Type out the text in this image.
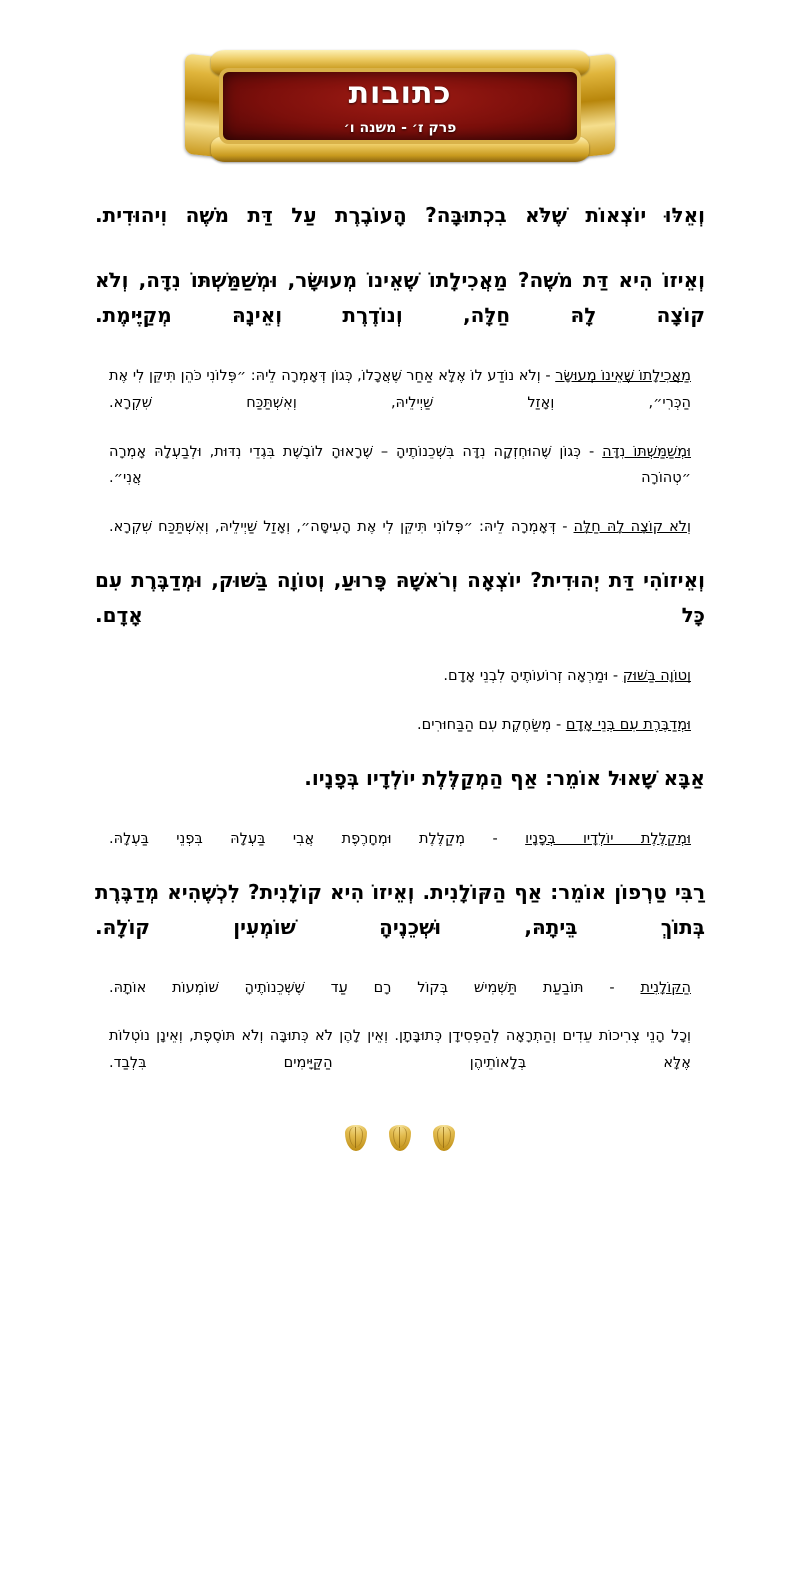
כתובות
פרק ז׳ - משנה ו׳

וְאֵלּוּ יוֹצְאוֹת שֶׁלֹּא בִכְתוּבָּה? הָעוֹבֶרֶת עַל דַּת מֹשֶׁה וִיהוּדִית.

וְאֵיזוֹ הִיא דַּת מֹשֶׁה? מַאֲכִילָתוֹ שֶׁאֵינוֹ מְעוּשָּׂר, וּמְשַׁמַּשְׁתּוֹ נִדָּה, וְלֹא קוֹצָה לָהּ חַלָּה, וְנוֹדֶרֶת וְאֵינָהּ מְקַיֶּימֶת.

מַאֲכִילָתוֹ שֶׁאֵינוֹ מְעוּשָּׂר - וְלֹא נוֹדַע לוֹ אֶלָּא אַחַר שֶׁאֲכָלוֹ, כְּגוֹן דְּאָמְרָה לֵיהּ: ״פְּלוֹנִי כֹּהֵן תִּיקֵּן לִי אֶת הַכְּרִי״, וְאָזַל שַׁיְילֵיהּ, וְאִשְׁתַּכַּח שִׁקְרָא.

וּמְשַׁמַּשְׁתּוֹ נִדָּה - כְּגוֹן שֶׁהוּחְזְקָה נִדָּה בִּשְׁכֵנוֹתֶיהָ – שֶׁרָאוּהָ לוֹבֶשֶׁת בִּגְדֵי נִדּוּת, וּלְבַעְלָהּ אָמְרָה ״טְהוֹרָה אֲנִי״.

וְלֹא קוֹצָה לָהּ חַלָּה - דְּאָמְרָה לֵיהּ: ״פְּלוֹנִי תִּיקֵּן לִי אֶת הָעִיסָּה״, וְאָזַל שַׁיְילֵיהּ, וְאִשְׁתַּכַּח שִׁקְרָא.

וְאֵיזוֹהִי דַּת יְהוּדִית? יוֹצְאָה וְרֹאשָׁהּ פָּרוּעַ, וְטוֹוָה בַּשּׁוּק, וּמְדַבֶּרֶת עִם כָּל אָדָם.

וְטוֹוָה בַּשּׁוּק - וּמַרְאָה זְרוֹעוֹתֶיהָ לִבְנֵי אָדָם.

וּמְדַבֶּרֶת עִם בְּנֵי אָדָם - מְשַׂחֶקֶת עִם הַבַּחוּרִים.

אַבָּא שָׁאוּל אוֹמֵר: אַף הַמְקַלֶּלֶת יוֹלְדָיו בְּפָנָיו.

וּמְקַלֶּלֶת יוֹלְדָיו בְּפָנָיו - מְקַלֶּלֶת וּמְחָרֶפֶת אֲבִי בַּעְלָהּ בִּפְנֵי בַּעְלָהּ.

רַבִּי טַרְפוֹן אוֹמֵר: אַף הַקּוֹלָנִית. וְאֵיזוֹ הִיא קוֹלָנִית? לִכְשֶׁהִיא מְדַבֶּרֶת בְּתוֹךְ בֵּיתָהּ, וּשְׁכֵנֶיהָ שׁוֹמְעִין קוֹלָהּ.

הַקּוֹלָנִית - תּוֹבַעַת תַּשְׁמִישׁ בְּקוֹל רָם עַד שֶׁשְּׁכֵנוֹתֶיהָ שׁוֹמְעוֹת אוֹתָהּ.

וְכָל הָנֵי צְרִיכוֹת עֵדִים וְהַתְרָאָה לְהַפְסִידָן כְּתוּבָּתָן. וְאֵין לָהֶן לֹא כְּתוּבָּה וְלֹא תּוֹסֶפֶת, וְאֵינָן נוֹטְלוֹת אֶלָּא בְּלָאוֹתֵיהֶן הַקַּיָּימִים בִּלְבַד.
